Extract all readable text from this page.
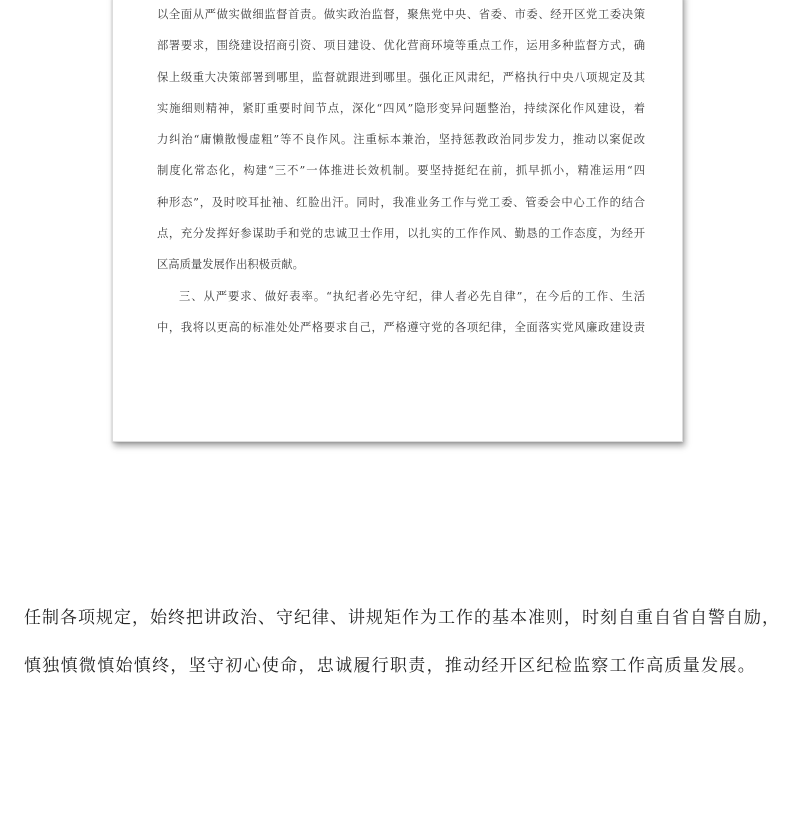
以全面从严做实做细监督首责。做实政治监督，聚焦党中央、省委、市委、经开区党工委决策
部署要求，围绕建设招商引资、项目建设、优化营商环境等重点工作，运用多种监督方式，确
保上级重大决策部署到哪里，监督就跟进到哪里。强化正风肃纪，严格执行中央八项规定及其
实施细则精神，紧盯重要时间节点，深化“四风”隐形变异问题整治，持续深化作风建设，着
力纠治“庸懒散慢虚粗”等不良作风。注重标本兼治，坚持惩教政治同步发力，推动以案促改
制度化常态化，构建“三不”一体推进长效机制。要坚持挺纪在前，抓早抓小，精准运用“四
种形态”，及时咬耳扯袖、红脸出汗。同时，我准业务工作与党工委、管委会中心工作的结合
点，充分发挥好参谋助手和党的忠诚卫士作用，以扎实的工作作风、勤恳的工作态度，为经开
区高质量发展作出积极贡献。
三、从严要求、做好表率。“执纪者必先守纪，律人者必先自律”，在今后的工作、生活
中，我将以更高的标准处处严格要求自己，严格遵守党的各项纪律，全面落实党风廉政建设责
任制各项规定，始终把讲政治、守纪律、讲规矩作为工作的基本准则，时刻自重自省自警自励，
慎独慎微慎始慎终，坚守初心使命，忠诚履行职责，推动经开区纪检监察工作高质量发展。
